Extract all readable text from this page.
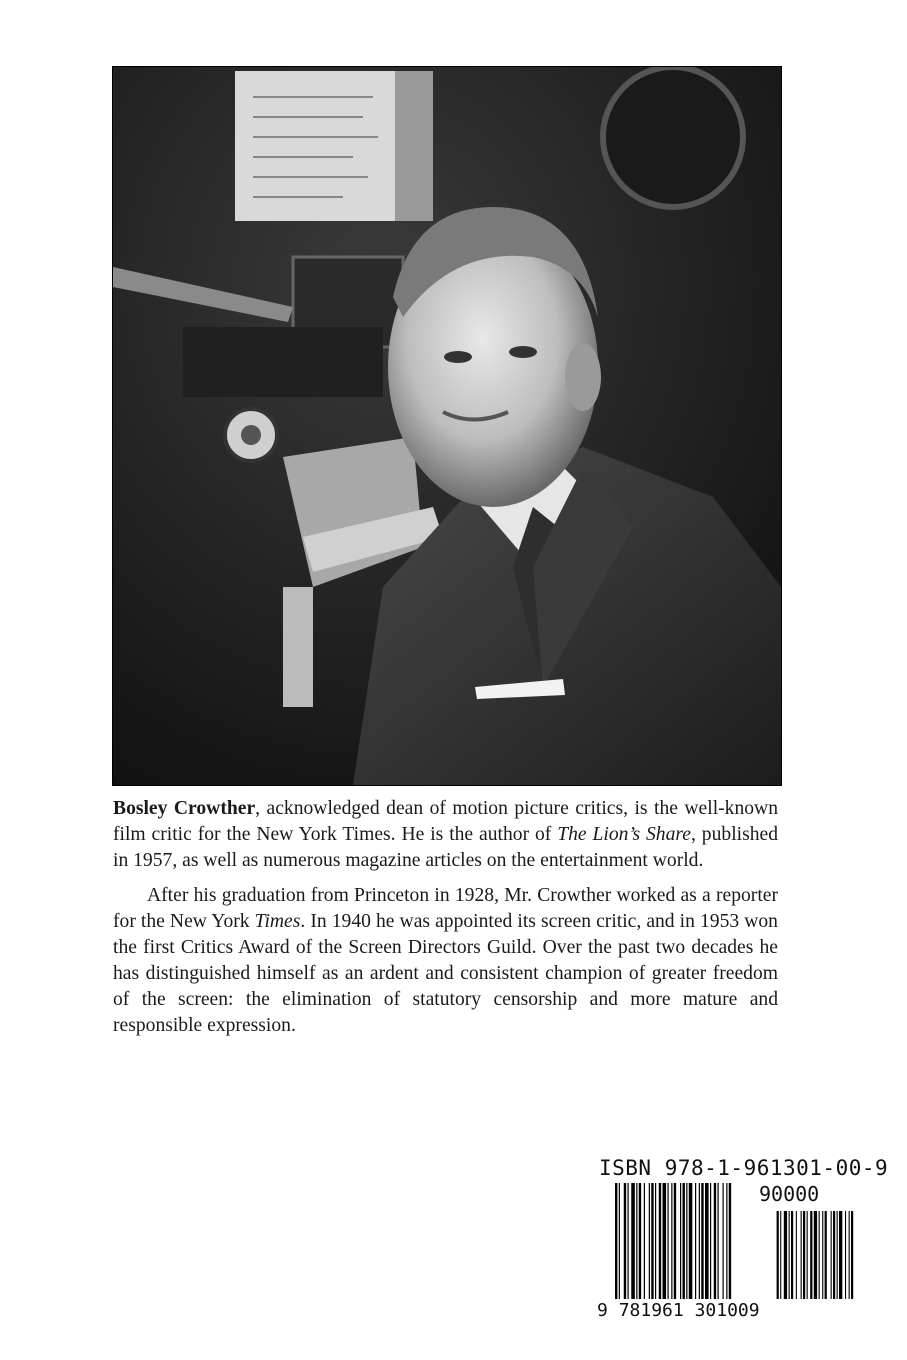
Bosley Crowther, acknowledged dean of motion picture critics, is the well-known film critic for the New York Times. He is the author of The Lion’s Share, published in 1957, as well as numerous magazine articles on the entertainment world.

After his graduation from Princeton in 1928, Mr. Crowther worked as a reporter for the New York Times. In 1940 he was appointed its screen critic, and in 1953 won the first Critics Award of the Screen Directors Guild. Over the past two decades he has distinguished himself as an ardent and consistent champion of greater freedom of the screen: the elimination of statutory censorship and more mature and responsible expression.

ISBN 978-1-961301-00-9
90000
9 781961 301009
